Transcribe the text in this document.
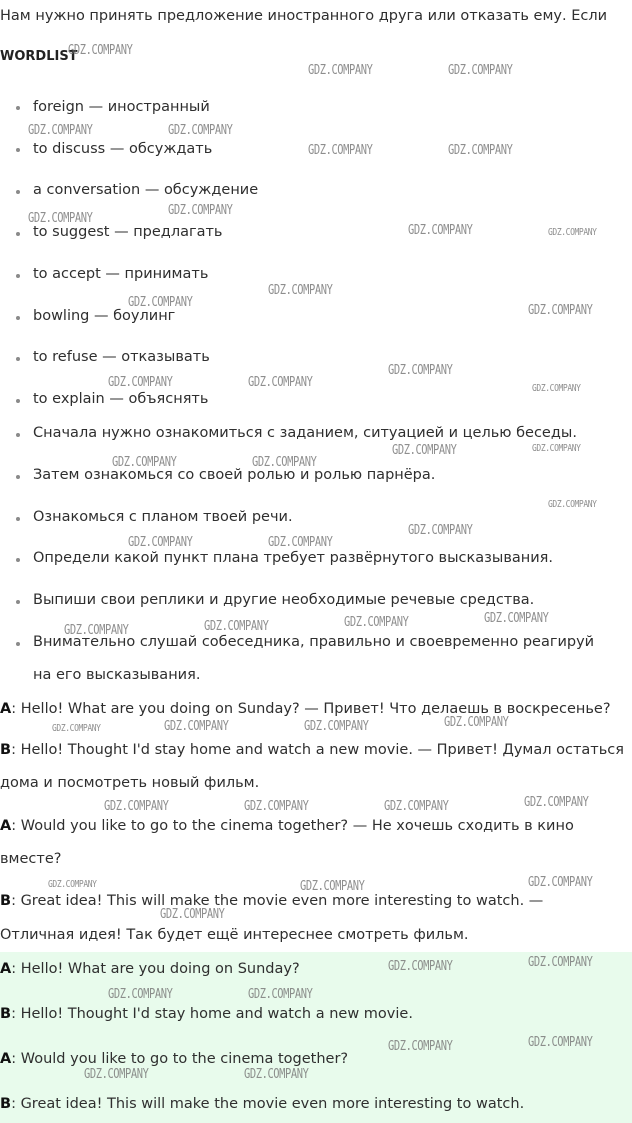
Нам нужно принять предложение иностранного друга или отказать ему. Если
WORDLIST
foreign — иностранный
to discuss — обсуждать
a conversation — обсуждение
to suggest — предлагать
to accept — принимать
bowling — боулинг
to refuse — отказывать
to explain — объяснять
Сначала нужно ознакомиться с заданием, ситуацией и целью беседы.
Затем ознакомься со своей ролью и ролью парнёра.
Ознакомься с планом твоей речи.
Определи какой пункт плана требует развёрнутого высказывания.
Выпиши свои реплики и другие необходимые речевые средства.
Внимательно слушай собеседника, правильно и своевременно реагируй
на его высказывания.
A: Hello! What are you doing on Sunday? — Привет! Что делаешь в воскресенье?
B: Hello! Thought I'd stay home and watch a new movie. — Привет! Думал остаться
дома и посмотреть новый фильм.
A: Would you like to go to the cinema together? — Не хочешь сходить в кино
вместе?
B: Great idea! This will make the movie even more interesting to watch. —
Отличная идея! Так будет ещё интереснее смотреть фильм.
A: Hello! What are you doing on Sunday?
B: Hello! Thought I'd stay home and watch a new movie.
A: Would you like to go to the cinema together?
B: Great idea! This will make the movie even more interesting to watch.
GDZ.COMPANY
GDZ.COMPANY	GDZ.COMPANY
GDZ.COMPANY	GDZ.COMPANY
GDZ.COMPANY	GDZ.COMPANY
GDZ.COMPANY
GDZ.COMPANY
GDZ.COMPANY	GDZ.COMPANY
GDZ.COMPANY
GDZ.COMPANY
GDZ.COMPANY
GDZ.COMPANY
GDZ.COMPANY	GDZ.COMPANY	GDZ.COMPANY
GDZ.COMPANY	GDZ.COMPANY
GDZ.COMPANY	GDZ.COMPANY
GDZ.COMPANY
GDZ.COMPANY
GDZ.COMPANY	GDZ.COMPANY
GDZ.COMPANY
GDZ.COMPANY
GDZ.COMPANY
GDZ.COMPANY
GDZ.COMPANY
GDZ.COMPANY
GDZ.COMPANY
GDZ.COMPANY
GDZ.COMPANY
GDZ.COMPANY
GDZ.COMPANY
GDZ.COMPANY
GDZ.COMPANY
GDZ.COMPANY
GDZ.COMPANY
GDZ.COMPANY
GDZ.COMPANY
GDZ.COMPANY
GDZ.COMPANY	GDZ.COMPANY
GDZ.COMPANY
GDZ.COMPANY
GDZ.COMPANY	GDZ.COMPANY
